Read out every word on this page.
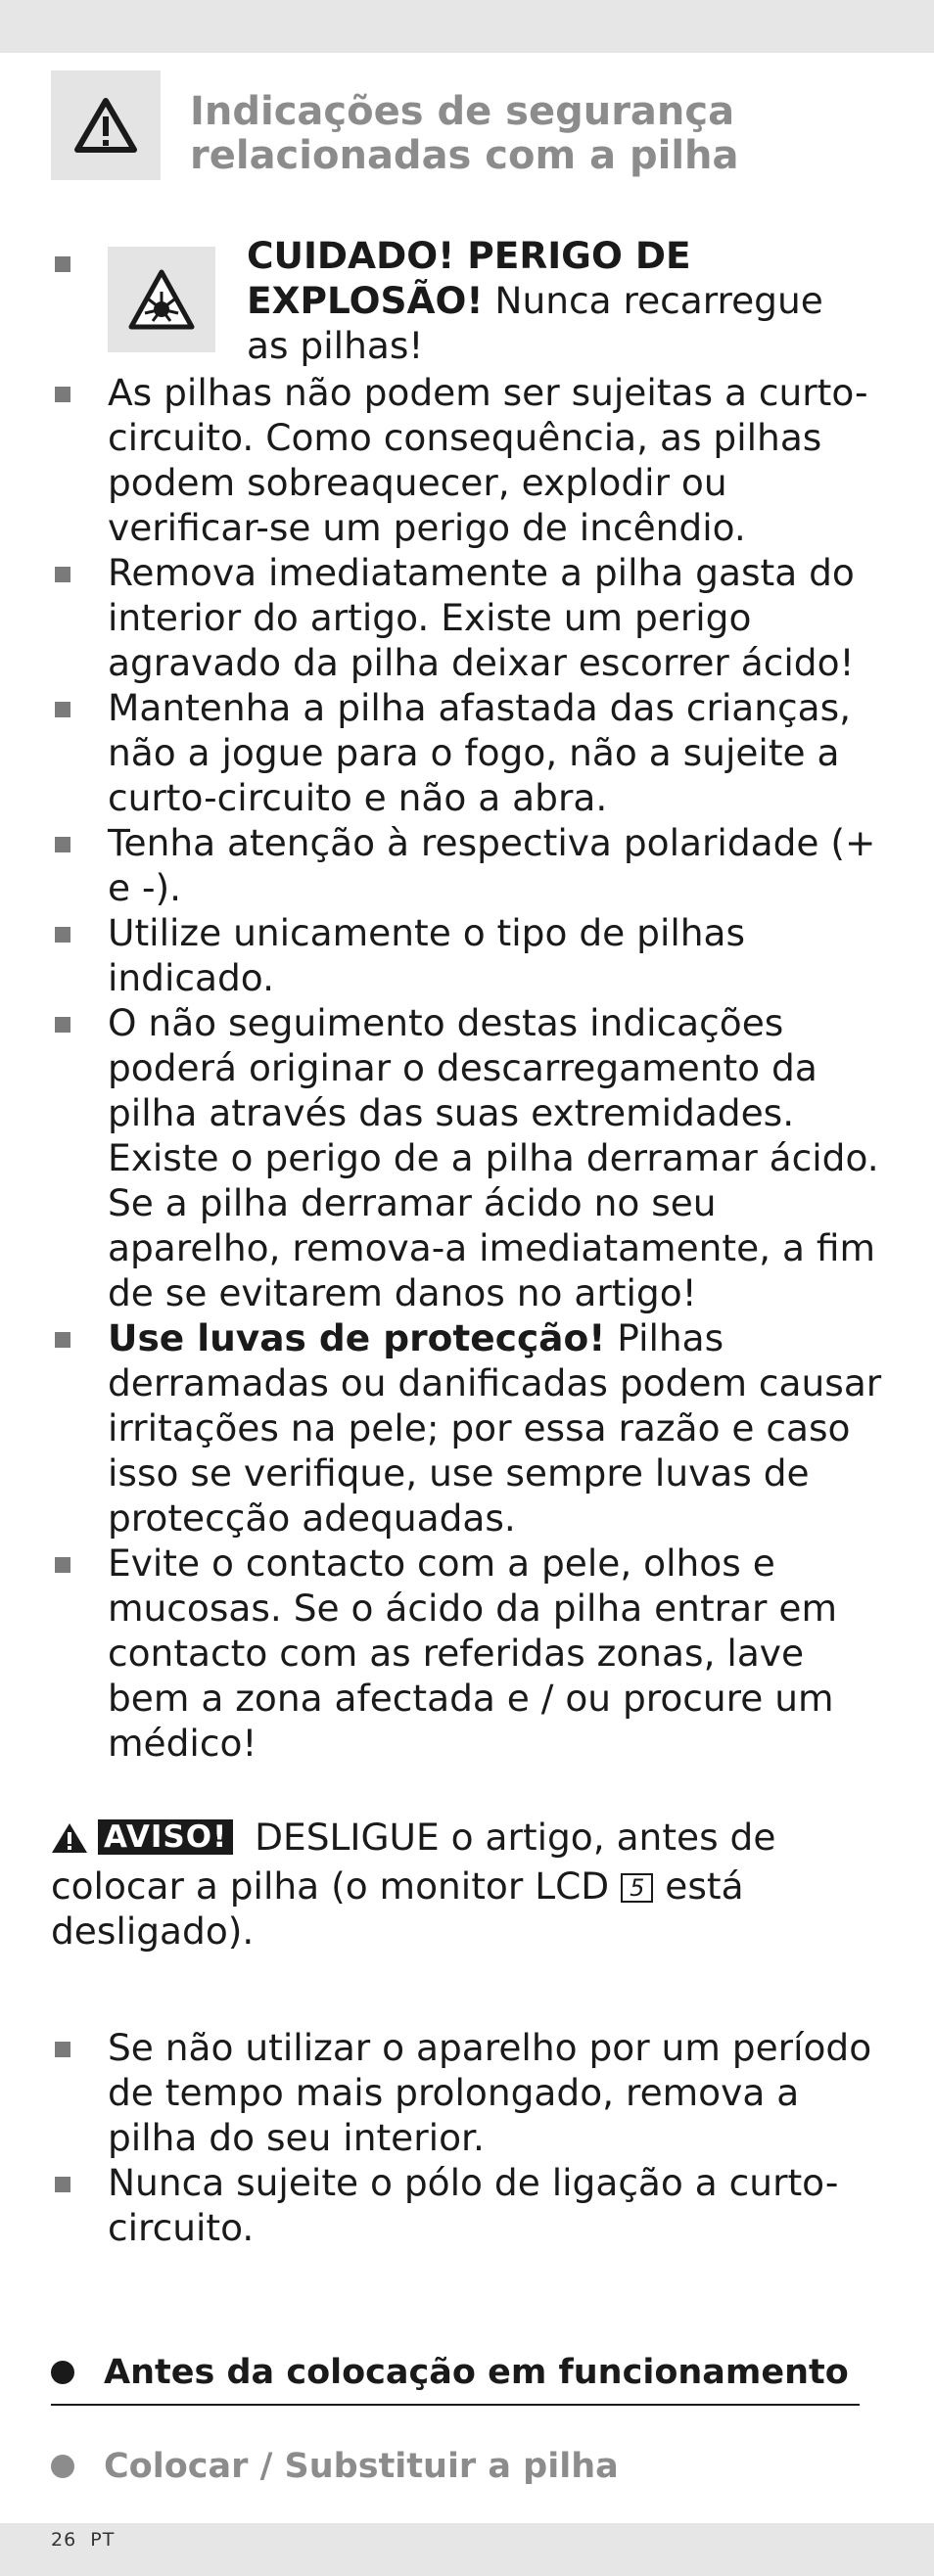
Indicações de segurança
relacionadas com a pilha
CUIDADO! PERIGO DE
EXPLOSÃO! Nunca recarregue
as pilhas!
As pilhas não podem ser sujeitas a curto-circuito. Como consequência, as pilhas podem sobreaquecer, explodir ou verificar-se um perigo de incêndio.
Remova imediatamente a pilha gasta do interior do artigo. Existe um perigo agravado da pilha deixar escorrer ácido!
Mantenha a pilha afastada das crianças, não a jogue para o fogo, não a sujeite a curto-circuito e não a abra.
Tenha atenção à respectiva polaridade (+ e -).
Utilize unicamente o tipo de pilhas indicado.
O não seguimento destas indicações poderá originar o descarregamento da pilha através das suas extremidades. Existe o perigo de a pilha derramar ácido. Se a pilha derramar ácido no seu aparelho, remova-a imediatamente, a fim de se evitarem danos no artigo!
Use luvas de protecção! Pilhas derramadas ou danificadas podem causar irritações na pele; por essa razão e caso isso se verifique, use sempre luvas de protecção adequadas.
Evite o contacto com a pele, olhos e mucosas. Se o ácido da pilha entrar em contacto com as referidas zonas, lave bem a zona afectada e / ou procure um médico!
AVISO! DESLIGUE o artigo, antes de colocar a pilha (o monitor LCD 5 está desligado).
Se não utilizar o aparelho por um período de tempo mais prolongado, remova a pilha do seu interior.
Nunca sujeite o pólo de ligação a curto-circuito.
Antes da colocação em funcionamento
Colocar / Substituir a pilha
26 PT
